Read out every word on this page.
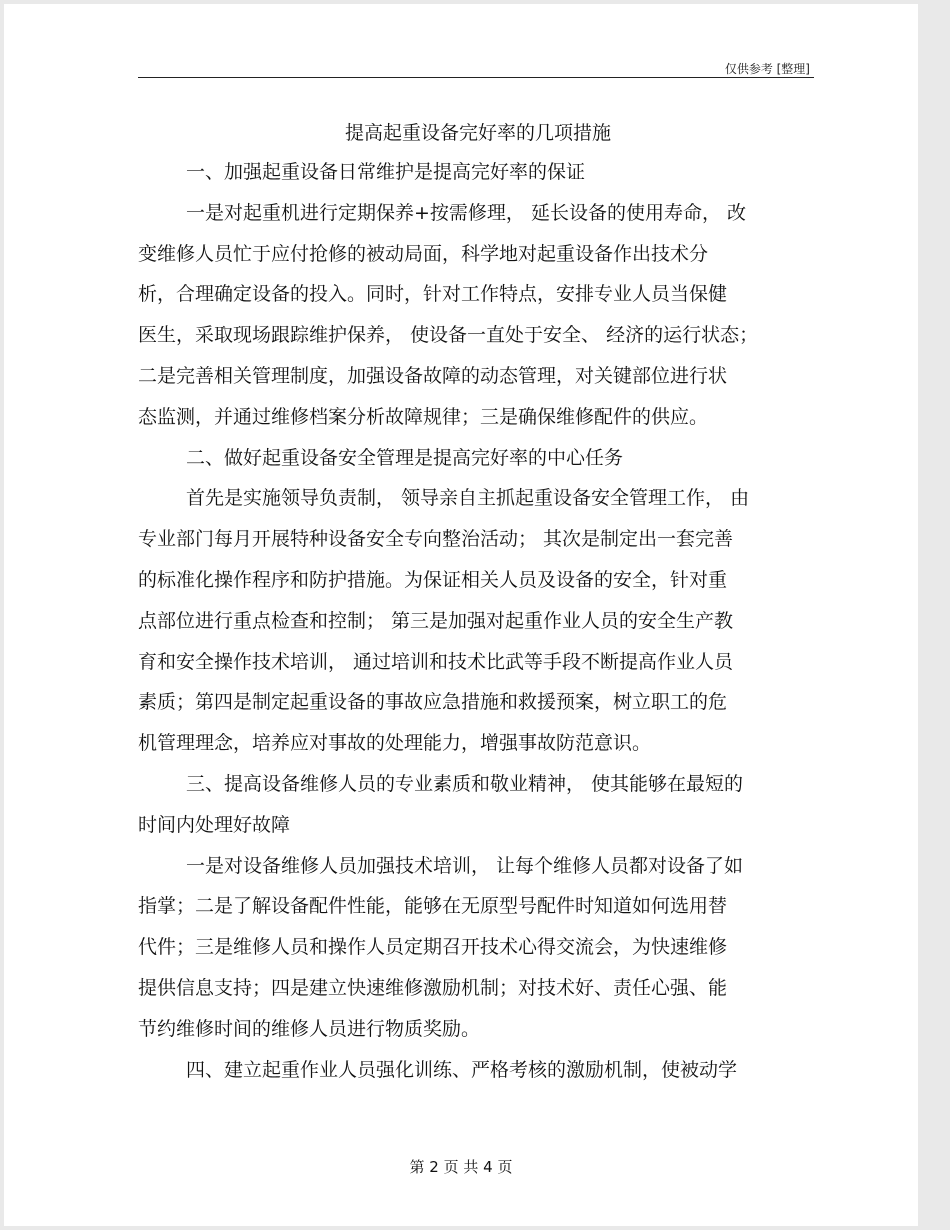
仅供参考 [整理]
提高起重设备完好率的几项措施
一、加强起重设备日常维护是提高完好率的保证
一是对起重机进行定期保养+按需修理， 延长设备的使用寿命， 改
变维修人员忙于应付抢修的被动局面，科学地对起重设备作出技术分
析，合理确定设备的投入。同时，针对工作特点，安排专业人员当保健
医生，采取现场跟踪维护保养， 使设备一直处于安全、 经济的运行状态；
二是完善相关管理制度，加强设备故障的动态管理，对关键部位进行状
态监测，并通过维修档案分析故障规律；三是确保维修配件的供应。
二、做好起重设备安全管理是提高完好率的中心任务
首先是实施领导负责制， 领导亲自主抓起重设备安全管理工作， 由
专业部门每月开展特种设备安全专向整治活动； 其次是制定出一套完善
的标准化操作程序和防护措施。为保证相关人员及设备的安全，针对重
点部位进行重点检查和控制； 第三是加强对起重作业人员的安全生产教
育和安全操作技术培训， 通过培训和技术比武等手段不断提高作业人员
素质；第四是制定起重设备的事故应急措施和救援预案，树立职工的危
机管理理念，培养应对事故的处理能力，增强事故防范意识。
三、提高设备维修人员的专业素质和敬业精神， 使其能够在最短的
时间内处理好故障
一是对设备维修人员加强技术培训， 让每个维修人员都对设备了如
指掌；二是了解设备配件性能，能够在无原型号配件时知道如何选用替
代件；三是维修人员和操作人员定期召开技术心得交流会，为快速维修
提供信息支持；四是建立快速维修激励机制；对技术好、责任心强、能
节约维修时间的维修人员进行物质奖励。
四、建立起重作业人员强化训练、严格考核的激励机制，使被动学
第 2 页 共 4 页
